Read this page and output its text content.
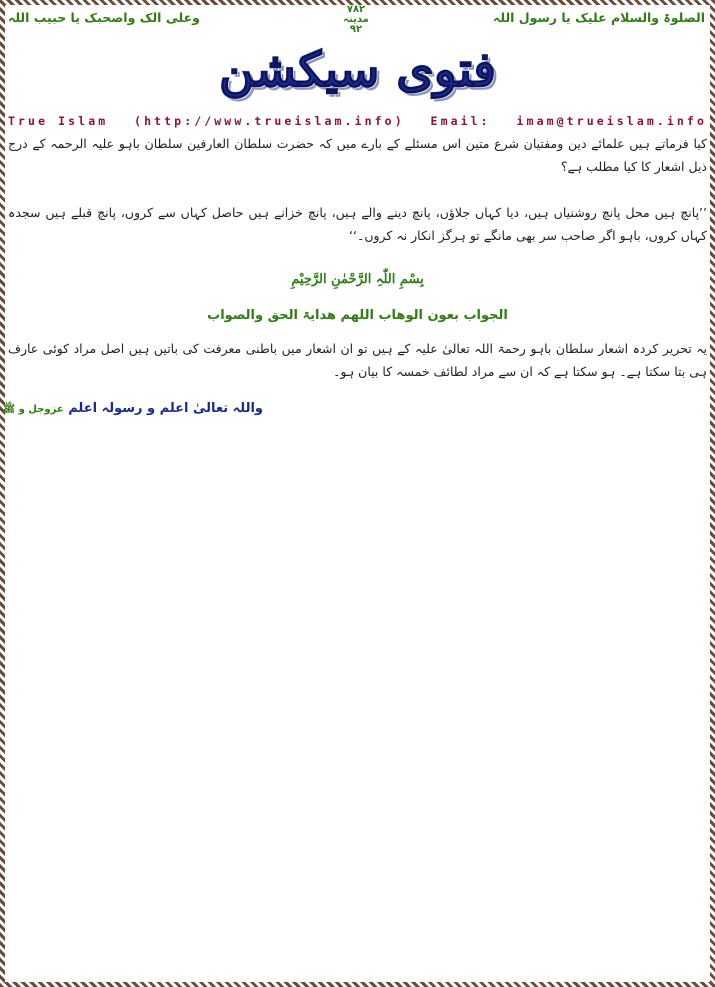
الصلوۃ والسلام علیک یا رسول اللہ
وعلی الک واصحبک یا حبیب اللہ
۷۸۲
مدینہ
۹۲
فتوی سیکشن
True Islam (http://www.trueislam.info) Email: imam@trueislam.info
کیا فرماتے ہیں علمائے دین ومفتیان شرع متین اس مسئلے کے بارے میں کہ حضرت سلطان العارفین سلطان باہو علیہ الرحمہ کے درج ذیل اشعار کا کیا مطلب ہے؟
’’پانچ ہیں محل پانچ روشنیاں ہیں، دیا کہاں جلاؤں، پانچ دینے والے ہیں، پانچ خزانے ہیں حاصل کہاں سے کروں، پانچ قبلے ہیں سجدہ کہاں کروں، باہو اگر صاحب سر بھی مانگے تو ہرگز انکار نہ کروں۔‘‘
بِسْمِ اللّٰہِ الرَّحْمٰنِ الرَّحِیْمِ
الجواب بعون الوھاب اللھم ھدایۃ الحق والصواب
یہ تحریر کردہ اشعار سلطان باہو رحمۃ اللہ تعالیٰ علیہ کے ہیں تو ان اشعار میں باطنی معرفت کی باتیں ہیں اصل مراد کوئی عارف ہی بتا سکتا ہے۔ ہو سکتا ہے کہ ان سے مراد لطائف خمسہ کا بیان ہو۔
واللہ تعالیٰ اعلم و رسولہ اعلم عزوجل و ﷺ
